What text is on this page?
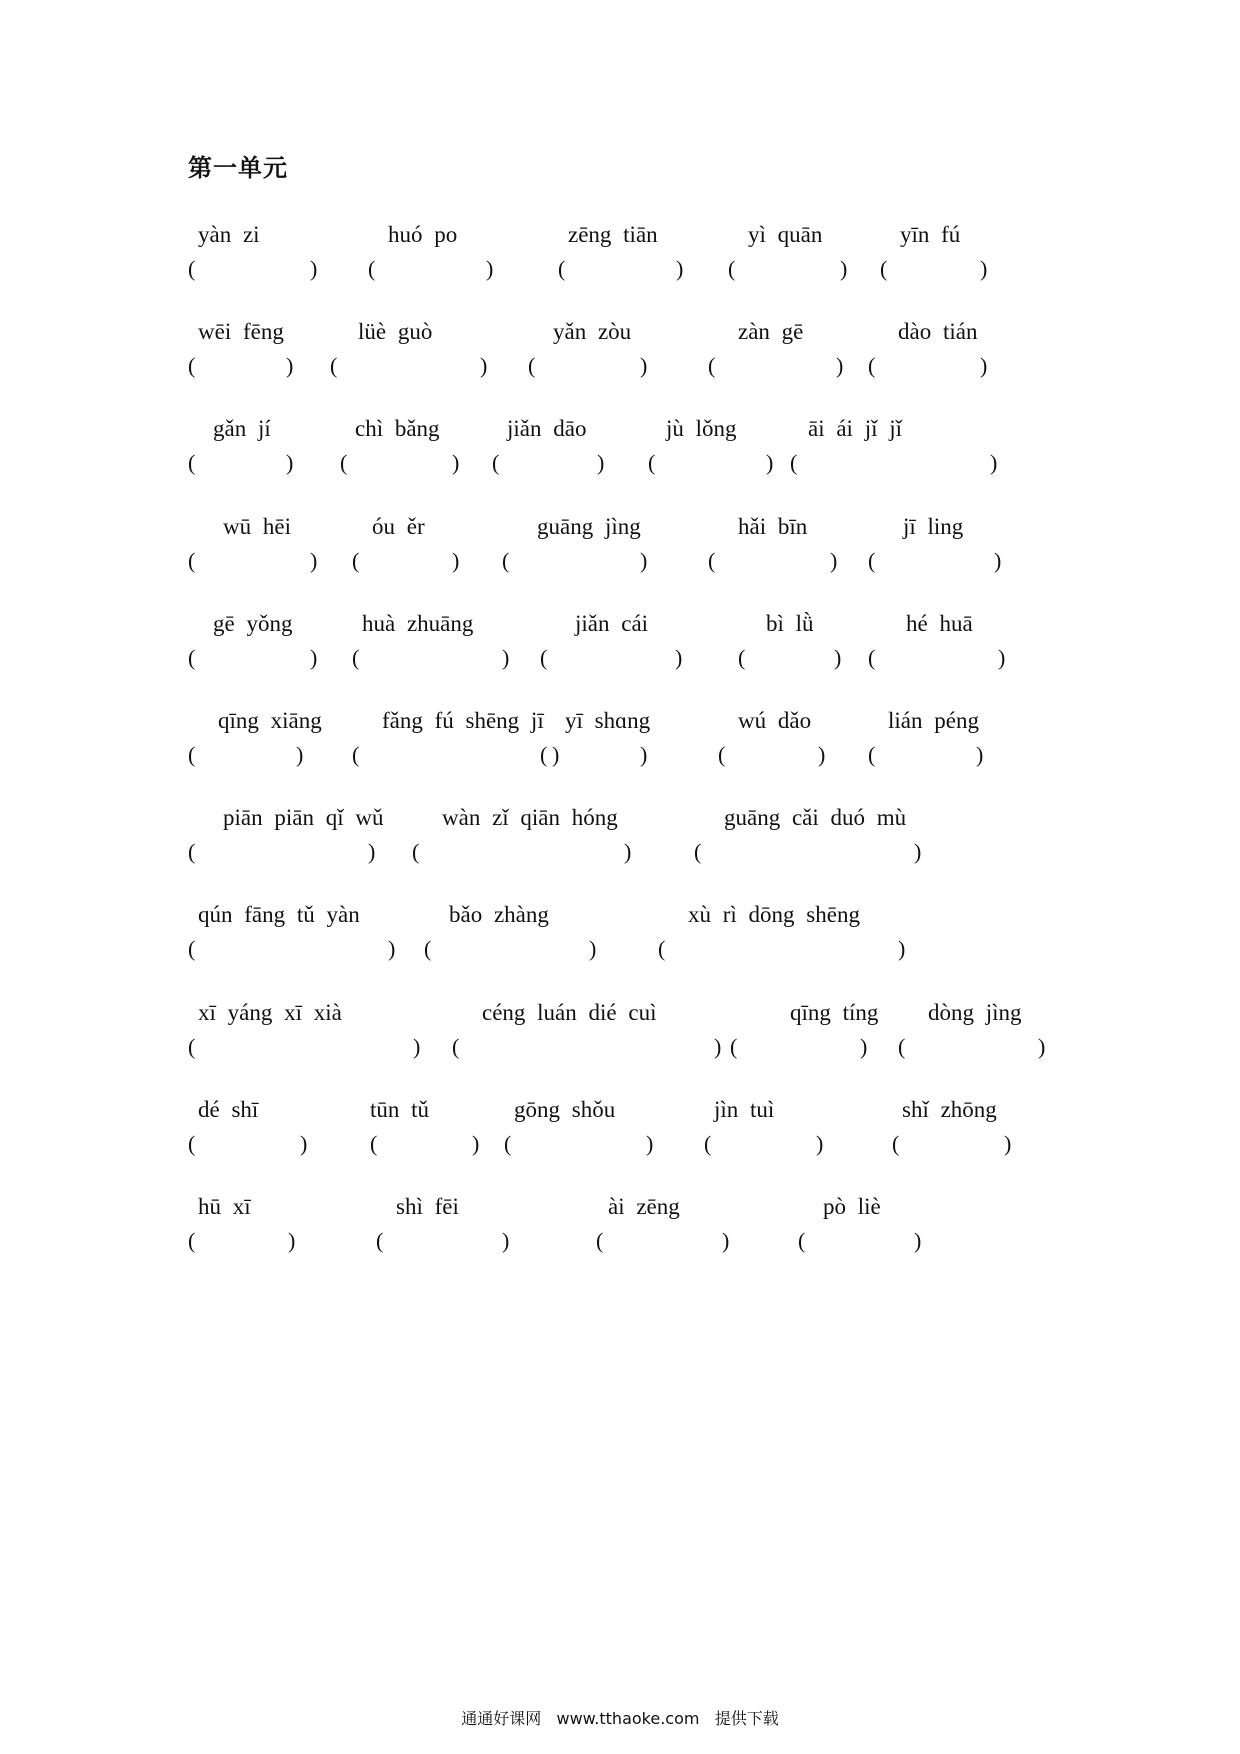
第一单元
yàn zi
(	)
huó po
(	)
zēng tiān
(	)
yì quān
(	)
yīn fú
(	)
wēi fēng
(	)
lüè guò
(	)
yǎn zòu
(	)
zàn gē
(	)
dào tián
(	)
gǎn jí
(	)
chì bǎng
(	)
jiǎn dāo
(	)
jù lǒng
(	)
āi ái jǐ jǐ
(	)
wū hēi
(	)
óu ěr
(	)
guāng jìng
(	)
hǎi bīn
(	)
jī ling
(	)
gē yǒng
(	)
huà zhuāng
(	)
jiǎn cái
(	)
bì lǜ
(	)
hé huā
(	)
qīng xiāng
(	)
fǎng fú shēng jī
(	)
yī shɑng
(	)
wú dǎo
(	)
lián péng
(	)
piān piān qǐ wǔ
(	)
wàn zǐ qiān hóng
(	)
guāng cǎi duó mù
(	)
qún fāng tǔ yàn
(	)
bǎo zhàng
(	)
xù rì dōng shēng
(	)
xī yáng xī xià
(	)
céng luán dié cuì
(	)
qīng tíng
(	)
dòng jìng
(	)
dé shī
(	)
tūn tǔ
(	)
gōng shǒu
(	)
jìn tuì
(	)
shǐ zhōng
(	)
hū xī
(	)
shì fēi
(	)
ài zēng
(	)
pò liè
(	)
通通好课网   www.tthaoke.com   提供下载
